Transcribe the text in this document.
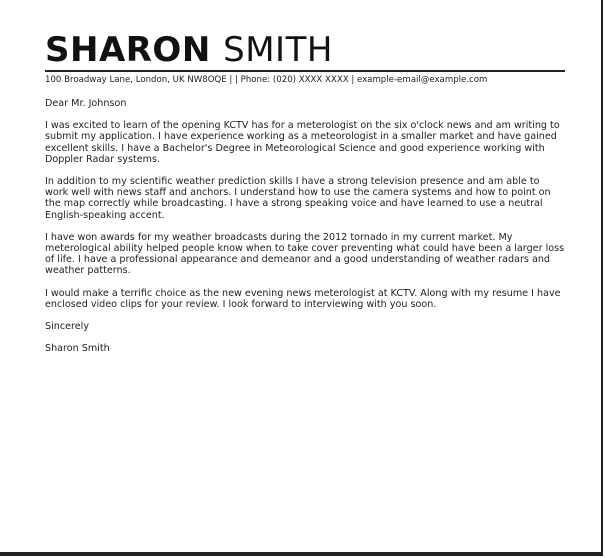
SHARON SMITH
100 Broadway Lane, London, UK NW8OQE | | Phone: (020) XXXX XXXX | example-email@example.com
Dear Mr. Johnson

I was excited to learn of the opening KCTV has for a meterologist on the six o'clock news and am writing to submit my application. I have experience working as a meteorologist in a smaller market and have gained excellent skills. I have a Bachelor's Degree in Meteorological Science and good experience working with Doppler Radar systems.

In addition to my scientific weather prediction skills I have a strong television presence and am able to work well with news staff and anchors. I understand how to use the camera systems and how to point on the map correctly while broadcasting. I have a strong speaking voice and have learned to use a neutral English-speaking accent.

I have won awards for my weather broadcasts during the 2012 tornado in my current market. My meterological ability helped people know when to take cover preventing what could have been a larger loss of life. I have a professional appearance and demeanor and a good understanding of weather radars and weather patterns.

I would make a terrific choice as the new evening news meterologist at KCTV. Along with my resume I have enclosed video clips for your review. I look forward to interviewing with you soon.

Sincerely
Sharon Smith
